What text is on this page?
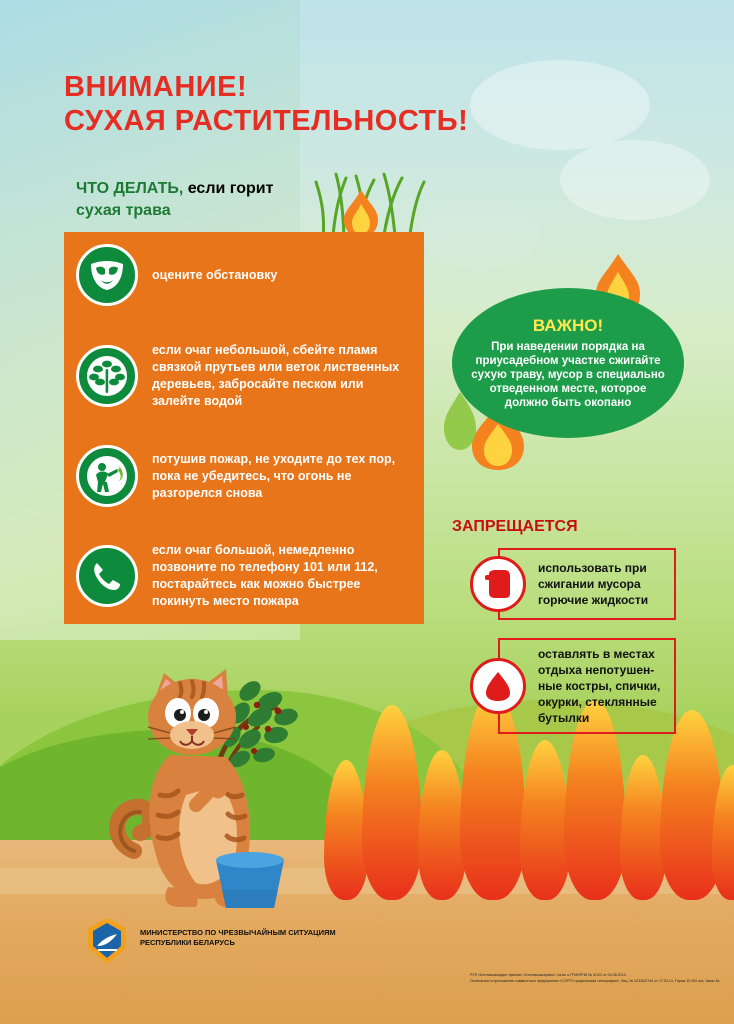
ВНИМАНИЕ!
СУХАЯ РАСТИТЕЛЬНОСТЬ!
ЧТО ДЕЛАТЬ, если горит
сухая трава
оцените обстановку
если очаг небольшой, сбейте пламя связкой прутьев или веток лиственных деревьев, забросайте песком или залейте водой
потушив пожар, не уходите до тех пор, пока не убедитесь, что огонь не разгорелся снова
если очаг большой, немедленно позвоните по телефону 101 или 112, постарайтесь как можно быстрее покинуть место пожара
ВАЖНО!
При наведении порядка на приусадебном участке сжигайте сухую траву, мусор в специально отведенном месте, которое должно быть окопано
ЗАПРЕЩАЕТСЯ
использовать при сжигании мусора горючие жидкости
оставлять в местах отдыха непотушен-ные костры, спички, окурки, стеклянные бутылки
МИНИСТЕРСТВО ПО ЧРЕЗВЫЧАЙНЫМ СИТУАЦИЯМ
РЕСПУБЛИКИ БЕЛАРУСЬ
РУП «Белтаможиздат» филиал «Белтаможсервис» Св-во о ГРИИРПИ № 3/122 от 04.08.2014.
Отпечатано в приложение совместного предприятия «СОРТО графическая типография», Лиц. № 02330/0744 от 17.03.14. Тираж 10 000 экз. Заказ №
